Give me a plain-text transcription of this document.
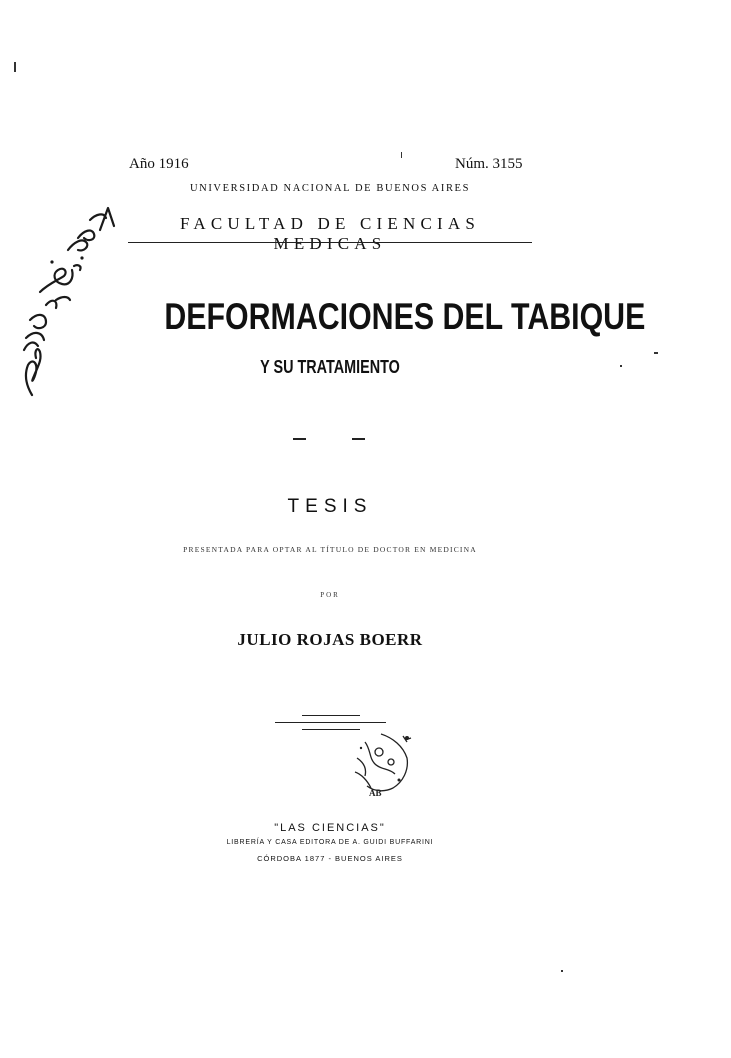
Año 1916	Núm. 3155
UNIVERSIDAD NACIONAL DE BUENOS AIRES
FACULTAD DE CIENCIAS MEDICAS
DEFORMACIONES DEL TABIQUE
Y SU TRATAMIENTO
TESIS
PRESENTADA PARA OPTAR AL TÍTULO DE DOCTOR EN MEDICINA
POR
JULIO ROJAS BOERR
AB
"LAS CIENCIAS"
LIBRERÍA Y CASA EDITORA DE A. GUIDI BUFFARINI
CÓRDOBA 1877 - BUENOS AIRES
